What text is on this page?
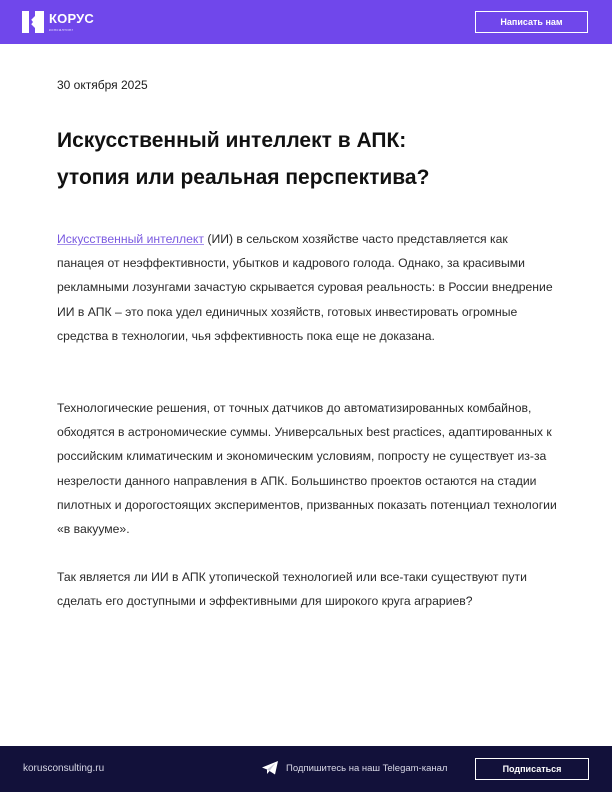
КОРУС
консалтинг
Написать нам
30 октября 2025
Искусственный интеллект в АПК:
утопия или реальная перспектива?

Искусственный интеллект (ИИ) в сельском хозяйстве часто представляется как панацея от неэффективности, убытков и кадрового голода. Однако, за красивыми рекламными лозунгами зачастую скрывается суровая реальность: в России внедрение ИИ в АПК – это пока удел единичных хозяйств, готовых инвестировать огромные средства в технологии, чья эффективность пока еще не доказана.

Технологические решения, от точных датчиков до автоматизированных комбайнов, обходятся в астрономические суммы. Универсальных best practices, адаптированных к российским климатическим и экономическим условиям, попросту не существует из-за незрелости данного направления в АПК. Большинство проектов остаются на стадии пилотных и дорогостоящих экспериментов, призванных показать потенциал технологии «в вакууме».

Так является ли ИИ в АПК утопической технологией или все-таки существуют пути сделать его доступными и эффективными для широкого круга аграриев?

korusconsulting.ru	Подпишитесь на наш Telegam-канал	Подписаться
